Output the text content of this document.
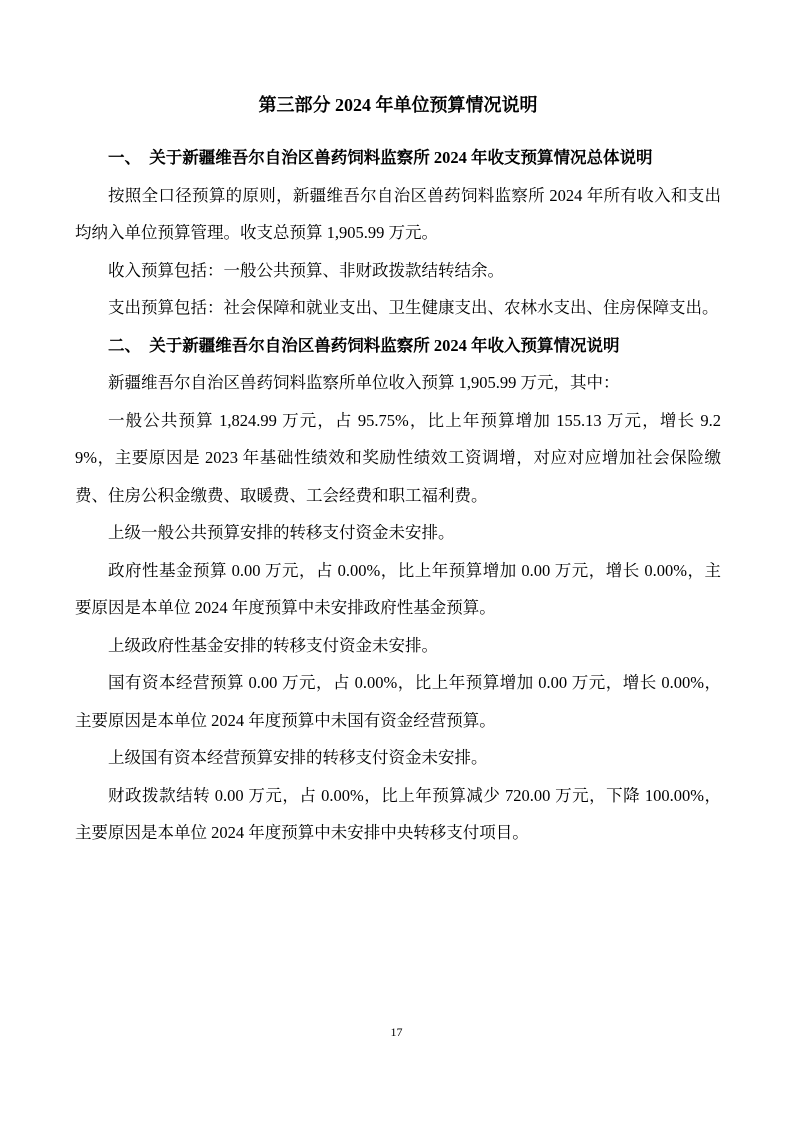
第三部分 2024 年单位预算情况说明

一、　关于新疆维吾尔自治区兽药饲料监察所 2024 年收支预算情况总体说明

按照全口径预算的原则，新疆维吾尔自治区兽药饲料监察所 2024 年所有收入和支出均纳入单位预算管理。收支总预算 1,905.99 万元。

收入预算包括：一般公共预算、非财政拨款结转结余。

支出预算包括：社会保障和就业支出、卫生健康支出、农林水支出、住房保障支出。

二、　关于新疆维吾尔自治区兽药饲料监察所 2024 年收入预算情况说明

新疆维吾尔自治区兽药饲料监察所单位收入预算 1,905.99 万元，其中：

一般公共预算 1,824.99 万元，占 95.75%，比上年预算增加 155.13 万元，增长 9.29%，主要原因是 2023 年基础性绩效和奖励性绩效工资调增，对应对应增加社会保险缴费、住房公积金缴费、取暖费、工会经费和职工福利费。

上级一般公共预算安排的转移支付资金未安排。

政府性基金预算 0.00 万元，占 0.00%，比上年预算增加 0.00 万元，增长 0.00%，主要原因是本单位 2024 年度预算中未安排政府性基金预算。

上级政府性基金安排的转移支付资金未安排。

国有资本经营预算 0.00 万元，占 0.00%，比上年预算增加 0.00 万元，增长 0.00%，主要原因是本单位 2024 年度预算中未国有资金经营预算。

上级国有资本经营预算安排的转移支付资金未安排。

财政拨款结转 0.00 万元，占 0.00%，比上年预算减少 720.00 万元，下降 100.00%，主要原因是本单位 2024 年度预算中未安排中央转移支付项目。

17
